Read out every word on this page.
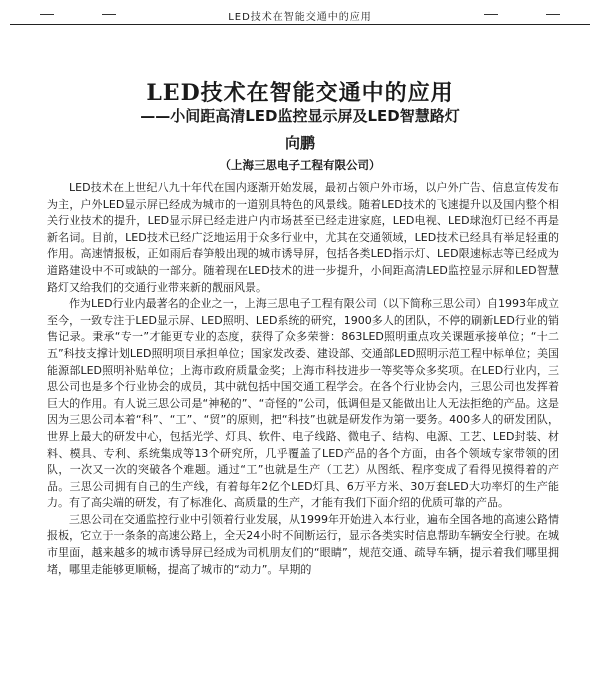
LED技术在智能交通中的应用
LED技术在智能交通中的应用
——小间距高清LED监控显示屏及LED智慧路灯
向鹏
（上海三思电子工程有限公司）

LED技术在上世纪八九十年代在国内逐渐开始发展，最初占领户外市场，以户外广告、信息宣传发布为主，户外LED显示屏已经成为城市的一道别具特色的风景线。随着LED技术的飞速提升以及国内整个相关行业技术的提升，LED显示屏已经走进户内市场甚至已经走进家庭，LED电视、LED球泡灯已经不再是新名词。目前，LED技术已经广泛地运用于众多行业中，尤其在交通领域，LED技术已经具有举足轻重的作用。高速情报板，正如雨后春笋般出现的城市诱导屏，包括各类LED指示灯、LED限速标志等已经成为道路建设中不可或缺的一部分。随着现在LED技术的进一步提升，小间距高清LED监控显示屏和LED智慧路灯又给我们的交通行业带来新的靓丽风景。

作为LED行业内最著名的企业之一，上海三思电子工程有限公司（以下简称三思公司）自1993年成立至今，一致专注于LED显示屏、LED照明、LED系统的研究，1900多人的团队，不停的刷新LED行业的销售记录。秉承“专一”才能更专业的态度，获得了众多荣誉：863LED照明重点攻关课题承接单位；“十二五”科技支撑计划LED照明项目承担单位；国家发改委、建设部、交通部LED照明示范工程中标单位；美国能源部LED照明补贴单位；上海市政府质量金奖；上海市科技进步一等奖等众多奖项。在LED行业内，三思公司也是多个行业协会的成员，其中就包括中国交通工程学会。在各个行业协会内，三思公司也发挥着巨大的作用。有人说三思公司是“神秘的”、“奇怪的”公司，低调但是又能做出让人无法拒绝的产品。这是因为三思公司本着“科”、“工”、“贸”的原则，把“科技”也就是研发作为第一要务。400多人的研发团队，世界上最大的研发中心，包括光学、灯具、软件、电子线路、微电子、结构、电源、工艺、LED封装、材料、模具、专利、系统集成等13个研究所，几乎覆盖了LED产品的各个方面，由各个领域专家带领的团队，一次又一次的突破各个难题。通过“工”也就是生产（工艺）从图纸、程序变成了看得见摸得着的产品。三思公司拥有自己的生产线，有着每年2亿个LED灯具、6万平方米、30万套LED大功率灯的生产能力。有了高尖端的研发，有了标准化、高质量的生产，才能有我们下面介绍的优质可靠的产品。

三思公司在交通监控行业中引领着行业发展，从1999年开始进入本行业，遍布全国各地的高速公路情报板，它立于一条条的高速公路上，全天24小时不间断运行，显示各类实时信息帮助车辆安全行驶。在城市里面，越来越多的城市诱导屏已经成为司机朋友们的“眼睛”，规范交通、疏导车辆，提示着我们哪里拥堵，哪里走能够更顺畅，提高了城市的“动力”。早期的
